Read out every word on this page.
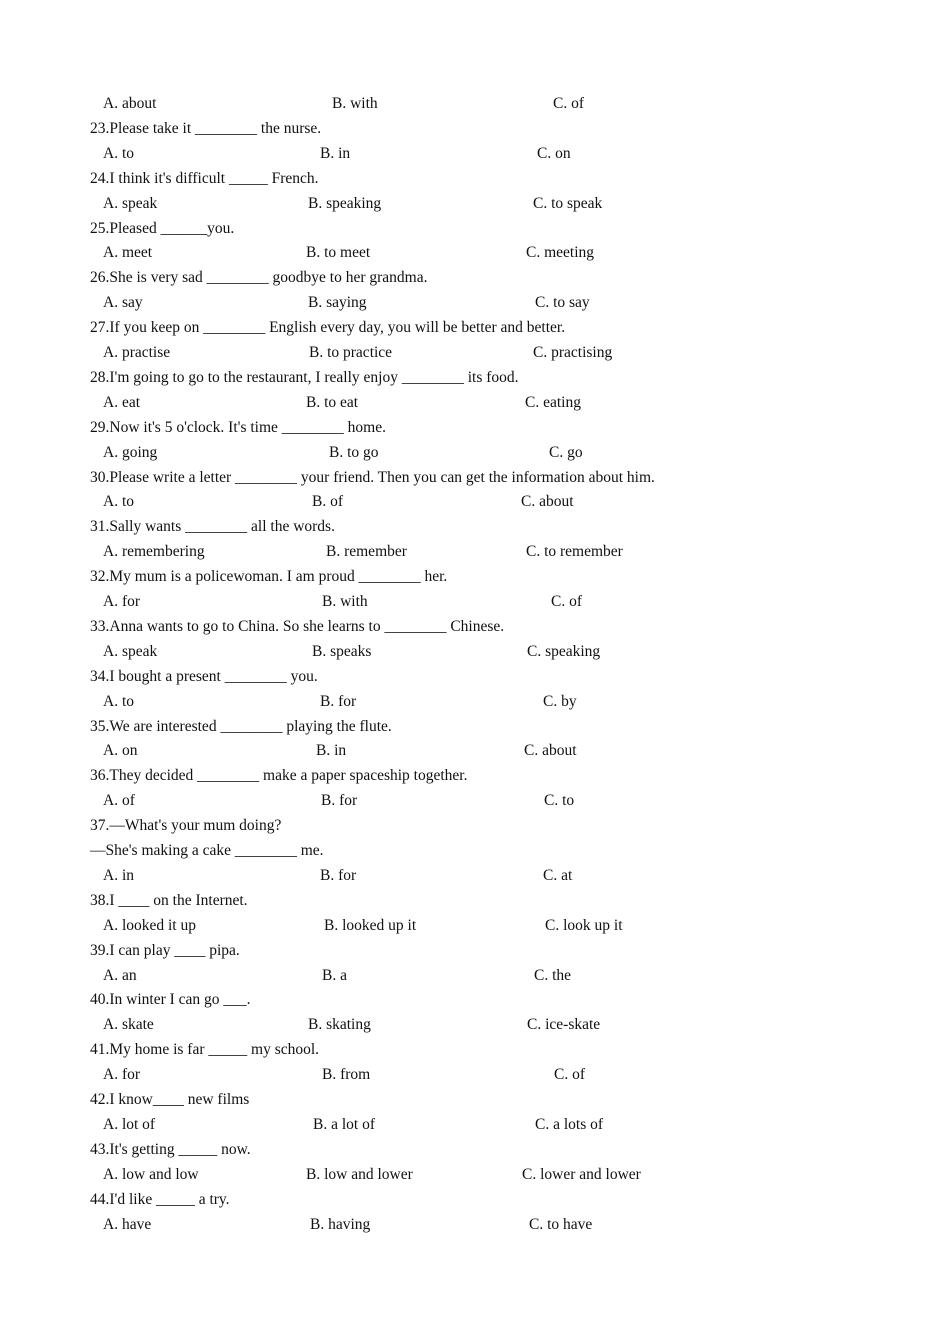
A. about	B. with	C. of
23.Please take it ________ the nurse.
A. to	B. in	C. on
24.I think it's difficult _____ French.
A. speak	B. speaking	C. to speak
25.Pleased ______you.
A. meet	B. to meet	C. meeting
26.She is very sad ________ goodbye to her grandma.
A. say	B. saying	C. to say
27.If you keep on ________ English every day, you will be better and better.
A. practise	B. to practice	C. practising
28.I'm going to go to the restaurant, I really enjoy ________ its food.
A. eat	B. to eat	C. eating
29.Now it's 5 o'clock. It's time ________ home.
A. going	B. to go	C. go
30.Please write a letter ________ your friend. Then you can get the information about him.
A. to	B. of	C. about
31.Sally wants ________ all the words.
A. remembering	B. remember	C. to remember
32.My mum is a policewoman. I am proud ________ her.
A. for	B. with	C. of
33.Anna wants to go to China. So she learns to ________ Chinese.
A. speak	B. speaks	C. speaking
34.I bought a present ________ you.
A. to	B. for	C. by
35.We are interested ________ playing the flute.
A. on	B. in	C. about
36.They decided ________ make a paper spaceship together.
A. of	B. for	C. to
37.—What's your mum doing?
—She's making a cake ________ me.
A. in	B. for	C. at
38.I ____ on the Internet.
A. looked it up	B. looked up it	C. look up it
39.I can play ____ pipa.
A. an	B. a	C. the
40.In winter I can go ___.
A. skate	B. skating	C. ice-skate
41.My home is far _____ my school.
A. for	B. from	C. of
42.I know____ new films
A. lot of	B. a lot of	C. a lots of
43.It's getting _____ now.
A. low and low	B. low and lower	C. lower and lower
44.I'd like _____ a try.
A. have	B. having	C. to have
